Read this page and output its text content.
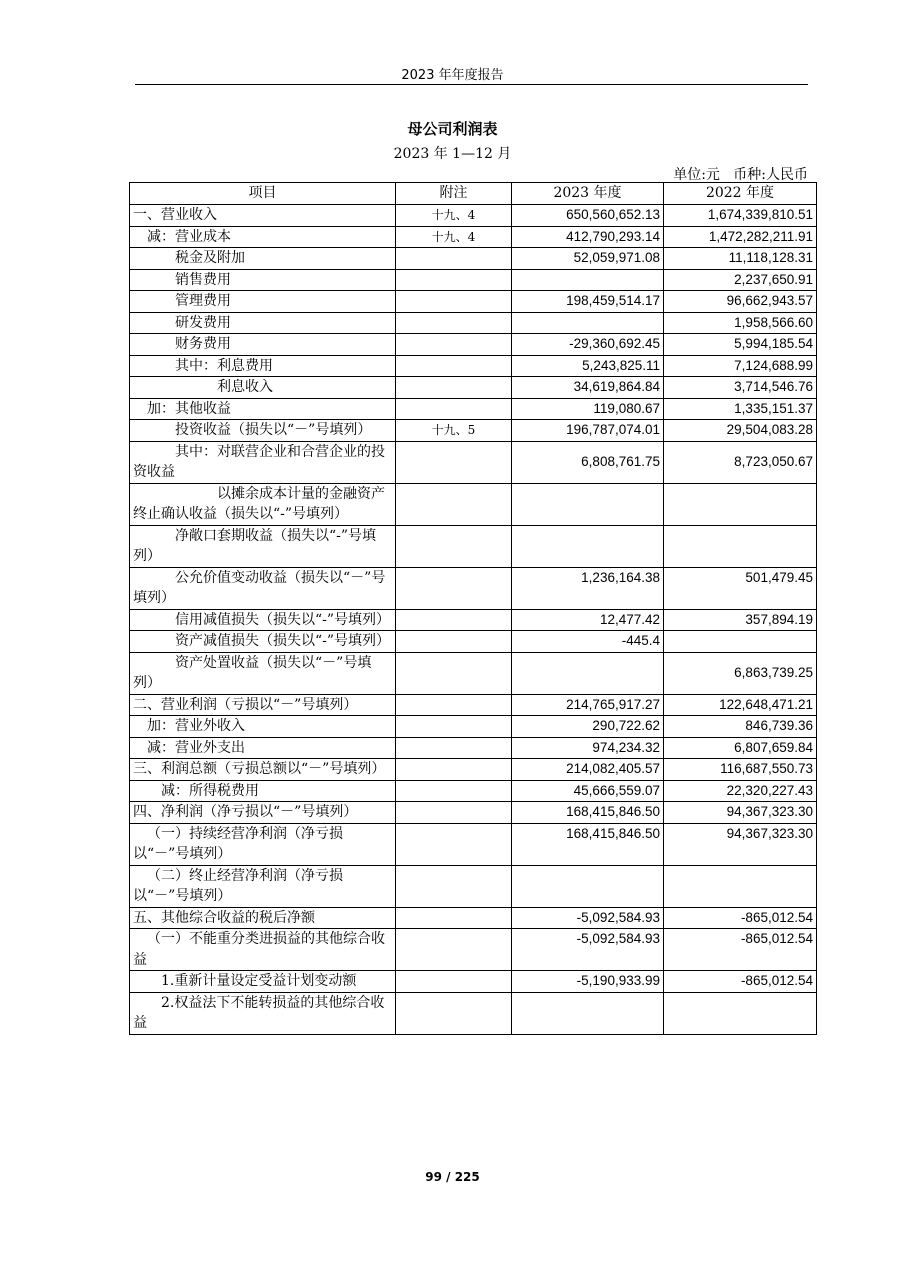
2023 年年度报告
母公司利润表
2023 年 1—12 月
单位:元   币种:人民币
项目	附注	2023 年度	2022 年度
一、营业收入	十九、4	650,560,652.13	1,674,339,810.51
减：营业成本	十九、4	412,790,293.14	1,472,282,211.91
税金及附加		52,059,971.08	11,118,128.31
销售费用			2,237,650.91
管理费用		198,459,514.17	96,662,943.57
研发费用			1,958,566.60
财务费用		-29,360,692.45	5,994,185.54
其中：利息费用		5,243,825.11	7,124,688.99
利息收入		34,619,864.84	3,714,546.76
加：其他收益		119,080.67	1,335,151.37
投资收益（损失以“－”号填列）	十九、5	196,787,074.01	29,504,083.28
其中：对联营企业和合营企业的投资收益		6,808,761.75	8,723,050.67
以摊余成本计量的金融资产终止确认收益（损失以“-”号填列）			
净敞口套期收益（损失以“-”号填列）			
公允价值变动收益（损失以“－”号填列）		1,236,164.38	501,479.45
信用减值损失（损失以“-”号填列）		12,477.42	357,894.19
资产减值损失（损失以“-”号填列）		-445.4	
资产处置收益（损失以“－”号填列）			6,863,739.25
二、营业利润（亏损以“－”号填列）		214,765,917.27	122,648,471.21
加：营业外收入		290,722.62	846,739.36
减：营业外支出		974,234.32	6,807,659.84
三、利润总额（亏损总额以“－”号填列）		214,082,405.57	116,687,550.73
减：所得税费用		45,666,559.07	22,320,227.43
四、净利润（净亏损以“－”号填列）		168,415,846.50	94,367,323.30
（一）持续经营净利润（净亏损以“－”号填列）		168,415,846.50	94,367,323.30
（二）终止经营净利润（净亏损以“－”号填列）			
五、其他综合收益的税后净额		-5,092,584.93	-865,012.54
（一）不能重分类进损益的其他综合收益		-5,092,584.93	-865,012.54
1.重新计量设定受益计划变动额		-5,190,933.99	-865,012.54
2.权益法下不能转损益的其他综合收益			
99 / 225
